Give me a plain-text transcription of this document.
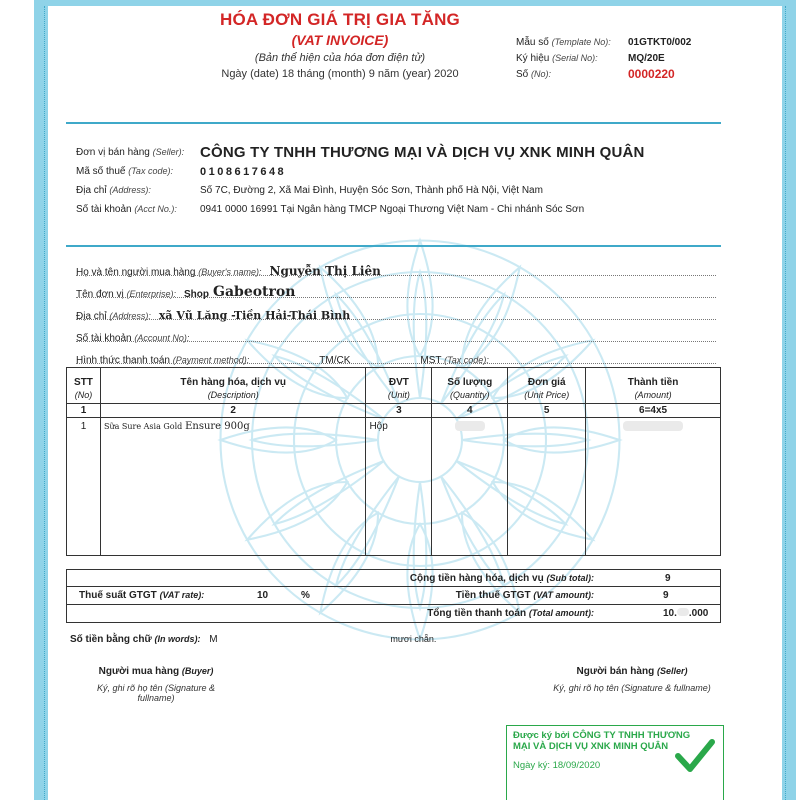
HÓA ĐƠN GIÁ TRỊ GIA TĂNG
(VAT INVOICE)
(Bản thể hiện của hóa đơn điện tử)
Ngày (date) 18 tháng (month) 9 năm (year) 2020
Mẫu số (Template No):	01GTKT0/002
Ký hiệu (Serial No):	MQ/20E
Số (No):	0000220
Đơn vị bán hàng (Seller):	CÔNG TY TNHH THƯƠNG MẠI VÀ DỊCH VỤ XNK MINH QUÂN
Mã số thuế (Tax code):	0108617648
Địa chỉ (Address):	Số 7C, Đường 2, Xã Mai Đình, Huyện Sóc Sơn, Thành phố Hà Nội, Việt Nam
Số tài khoản (Acct No.):	0941 0000 16991 Tại Ngân hàng TMCP Ngoại Thương Việt Nam - Chi nhánh Sóc Sơn
Họ và tên người mua hàng (Buyer's name): Nguyễn Thị Liên
Tên đơn vị (Enterprise): Shop Gabeotron
Địa chỉ (Address): xã Vũ Lăng -Tiền Hải-Thái Bình
Số tài khoản (Account No):
Hình thức thanh toán (Payment method):	TM/CK	MST (Tax code):
STT	Tên hàng hóa, dịch vụ	ĐVT	Số lượng	Đơn giá	Thành tiền
(No)	(Description)	(Unit)	(Quantity)	(Unit Price)	(Amount)
1	2	3	4	5	6=4x5
1	Sữa Sure Asia Gold Ensure 900g	Hộp			
Cộng tiền hàng hóa, dịch vụ (Sub total):	9
Thuế suất GTGT (VAT rate):	10	%	Tiền thuế GTGT (VAT amount):	9
Tổng tiền thanh toán (Total amount):	10. .000
Số tiền bằng chữ (In words): M	mươi chẵn.
Người mua hàng (Buyer)
Ký, ghi rõ họ tên (Signature & fullname)
Người bán hàng (Seller)
Ký, ghi rõ họ tên (Signature & fullname)
Được ký bởi CÔNG TY TNHH THƯƠNG
MẠI VÀ DỊCH VỤ XNK MINH QUÂN
Ngày ký: 18/09/2020
